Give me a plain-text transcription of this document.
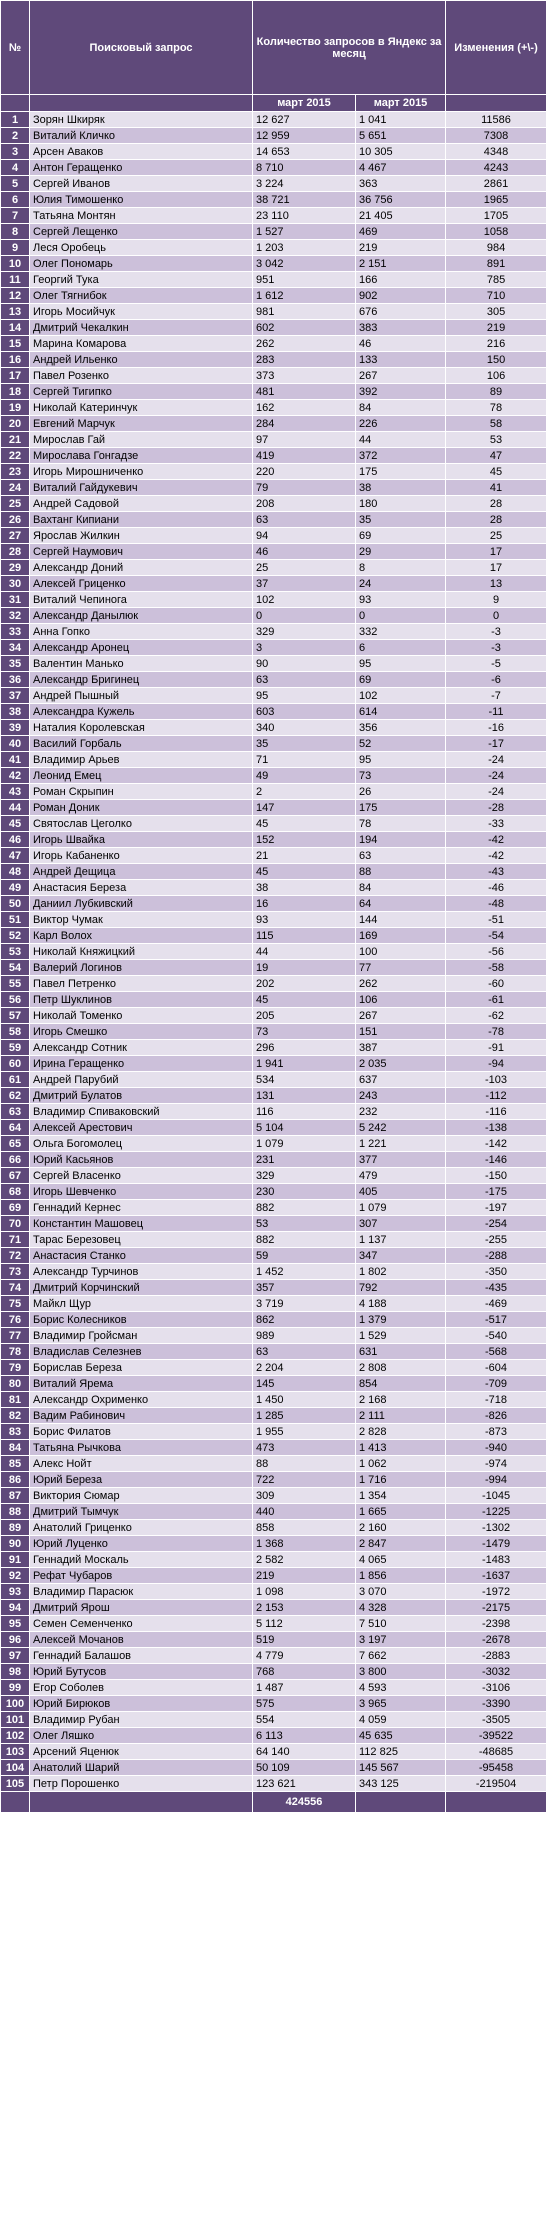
№	Поисковый запрос	Количество запросов в Яндекс за месяц		Изменения (+\-)
		март 2015	март 2015	
1	Зорян Шкиряк	12 627	1 041	11586
2	Виталий Кличко	12 959	5 651	7308
3	Арсен Аваков	14 653	10 305	4348
4	Антон Геращенко	8 710	4 467	4243
5	Сергей Иванов	3 224	363	2861
6	Юлия Тимошенко	38 721	36 756	1965
7	Татьяна Монтян	23 110	21 405	1705
8	Сергей Лещенко	1 527	469	1058
9	Леся Оробець	1 203	219	984
10	Олег Пономарь	3 042	2 151	891
11	Георгий Тука	951	166	785
12	Олег Тягнибок	1 612	902	710
13	Игорь Мосийчук	981	676	305
14	Дмитрий Чекалкин	602	383	219
15	Марина Комарова	262	46	216
16	Андрей Ильенко	283	133	150
17	Павел Розенко	373	267	106
18	Сергей Тигипко	481	392	89
19	Николай Катеринчук	162	84	78
20	Евгений Марчук	284	226	58
21	Мирослав Гай	97	44	53
22	Мирослава Гонгадзе	419	372	47
23	Игорь Мирошниченко	220	175	45
24	Виталий Гайдукевич	79	38	41
25	Андрей Садовой	208	180	28
26	Вахтанг Кипиани	63	35	28
27	Ярослав Жилкин	94	69	25
28	Сергей Наумович	46	29	17
29	Александр Доний	25	8	17
30	Алексей Гриценко	37	24	13
31	Виталий Чепинога	102	93	9
32	Александр Данылюк	0	0	0
33	Анна Гопко	329	332	-3
34	Александр Аронец	3	6	-3
35	Валентин Манько	90	95	-5
36	Александр Бригинец	63	69	-6
37	Андрей Пышный	95	102	-7
38	Александра Кужель	603	614	-11
39	Наталия Королевская	340	356	-16
40	Василий Горбаль	35	52	-17
41	Владимир Арьев	71	95	-24
42	Леонид Емец	49	73	-24
43	Роман Скрыпин	2	26	-24
44	Роман Доник	147	175	-28
45	Святослав Цеголко	45	78	-33
46	Игорь Швайка	152	194	-42
47	Игорь Кабаненко	21	63	-42
48	Андрей Дещица	45	88	-43
49	Анастасия Береза	38	84	-46
50	Даниил Лубкивский	16	64	-48
51	Виктор Чумак	93	144	-51
52	Карл Волох	115	169	-54
53	Николай Княжицкий	44	100	-56
54	Валерий Логинов	19	77	-58
55	Павел Петренко	202	262	-60
56	Петр Шуклинов	45	106	-61
57	Николай Томенко	205	267	-62
58	Игорь Смешко	73	151	-78
59	Александр Сотник	296	387	-91
60	Ирина Геращенко	1 941	2 035	-94
61	Андрей Парубий	534	637	-103
62	Дмитрий Булатов	131	243	-112
63	Владимир Спиваковский	116	232	-116
64	Алексей Арестович	5 104	5 242	-138
65	Ольга Богомолец	1 079	1 221	-142
66	Юрий Касьянов	231	377	-146
67	Сергей Власенко	329	479	-150
68	Игорь Шевченко	230	405	-175
69	Геннадий Кернес	882	1 079	-197
70	Константин Машовец	53	307	-254
71	Тарас Березовец	882	1 137	-255
72	Анастасия Станко	59	347	-288
73	Александр Турчинов	1 452	1 802	-350
74	Дмитрий Корчинский	357	792	-435
75	Майкл Щур	3 719	4 188	-469
76	Борис Колесников	862	1 379	-517
77	Владимир Гройсман	989	1 529	-540
78	Владислав Селезнев	63	631	-568
79	Борислав Береза	2 204	2 808	-604
80	Виталий Ярема	145	854	-709
81	Александр Охрименко	1 450	2 168	-718
82	Вадим Рабинович	1 285	2 111	-826
83	Борис Филатов	1 955	2 828	-873
84	Татьяна Рычкова	473	1 413	-940
85	Алекс Нойт	88	1 062	-974
86	Юрий Береза	722	1 716	-994
87	Виктория Сюмар	309	1 354	-1045
88	Дмитрий Тымчук	440	1 665	-1225
89	Анатолий Гриценко	858	2 160	-1302
90	Юрий Луценко	1 368	2 847	-1479
91	Геннадий Москаль	2 582	4 065	-1483
92	Рефат Чубаров	219	1 856	-1637
93	Владимир Парасюк	1 098	3 070	-1972
94	Дмитрий Ярош	2 153	4 328	-2175
95	Семен Семенченко	5 112	7 510	-2398
96	Алексей Мочанов	519	3 197	-2678
97	Геннадий Балашов	4 779	7 662	-2883
98	Юрий Бутусов	768	3 800	-3032
99	Егор Соболев	1 487	4 593	-3106
100	Юрий Бирюков	575	3 965	-3390
101	Владимир Рубан	554	4 059	-3505
102	Олег Ляшко	6 113	45 635	-39522
103	Арсений Яценюк	64 140	112 825	-48685
104	Анатолий Шарий	50 109	145 567	-95458
105	Петр Порошенко	123 621	343 125	-219504
		424556		
